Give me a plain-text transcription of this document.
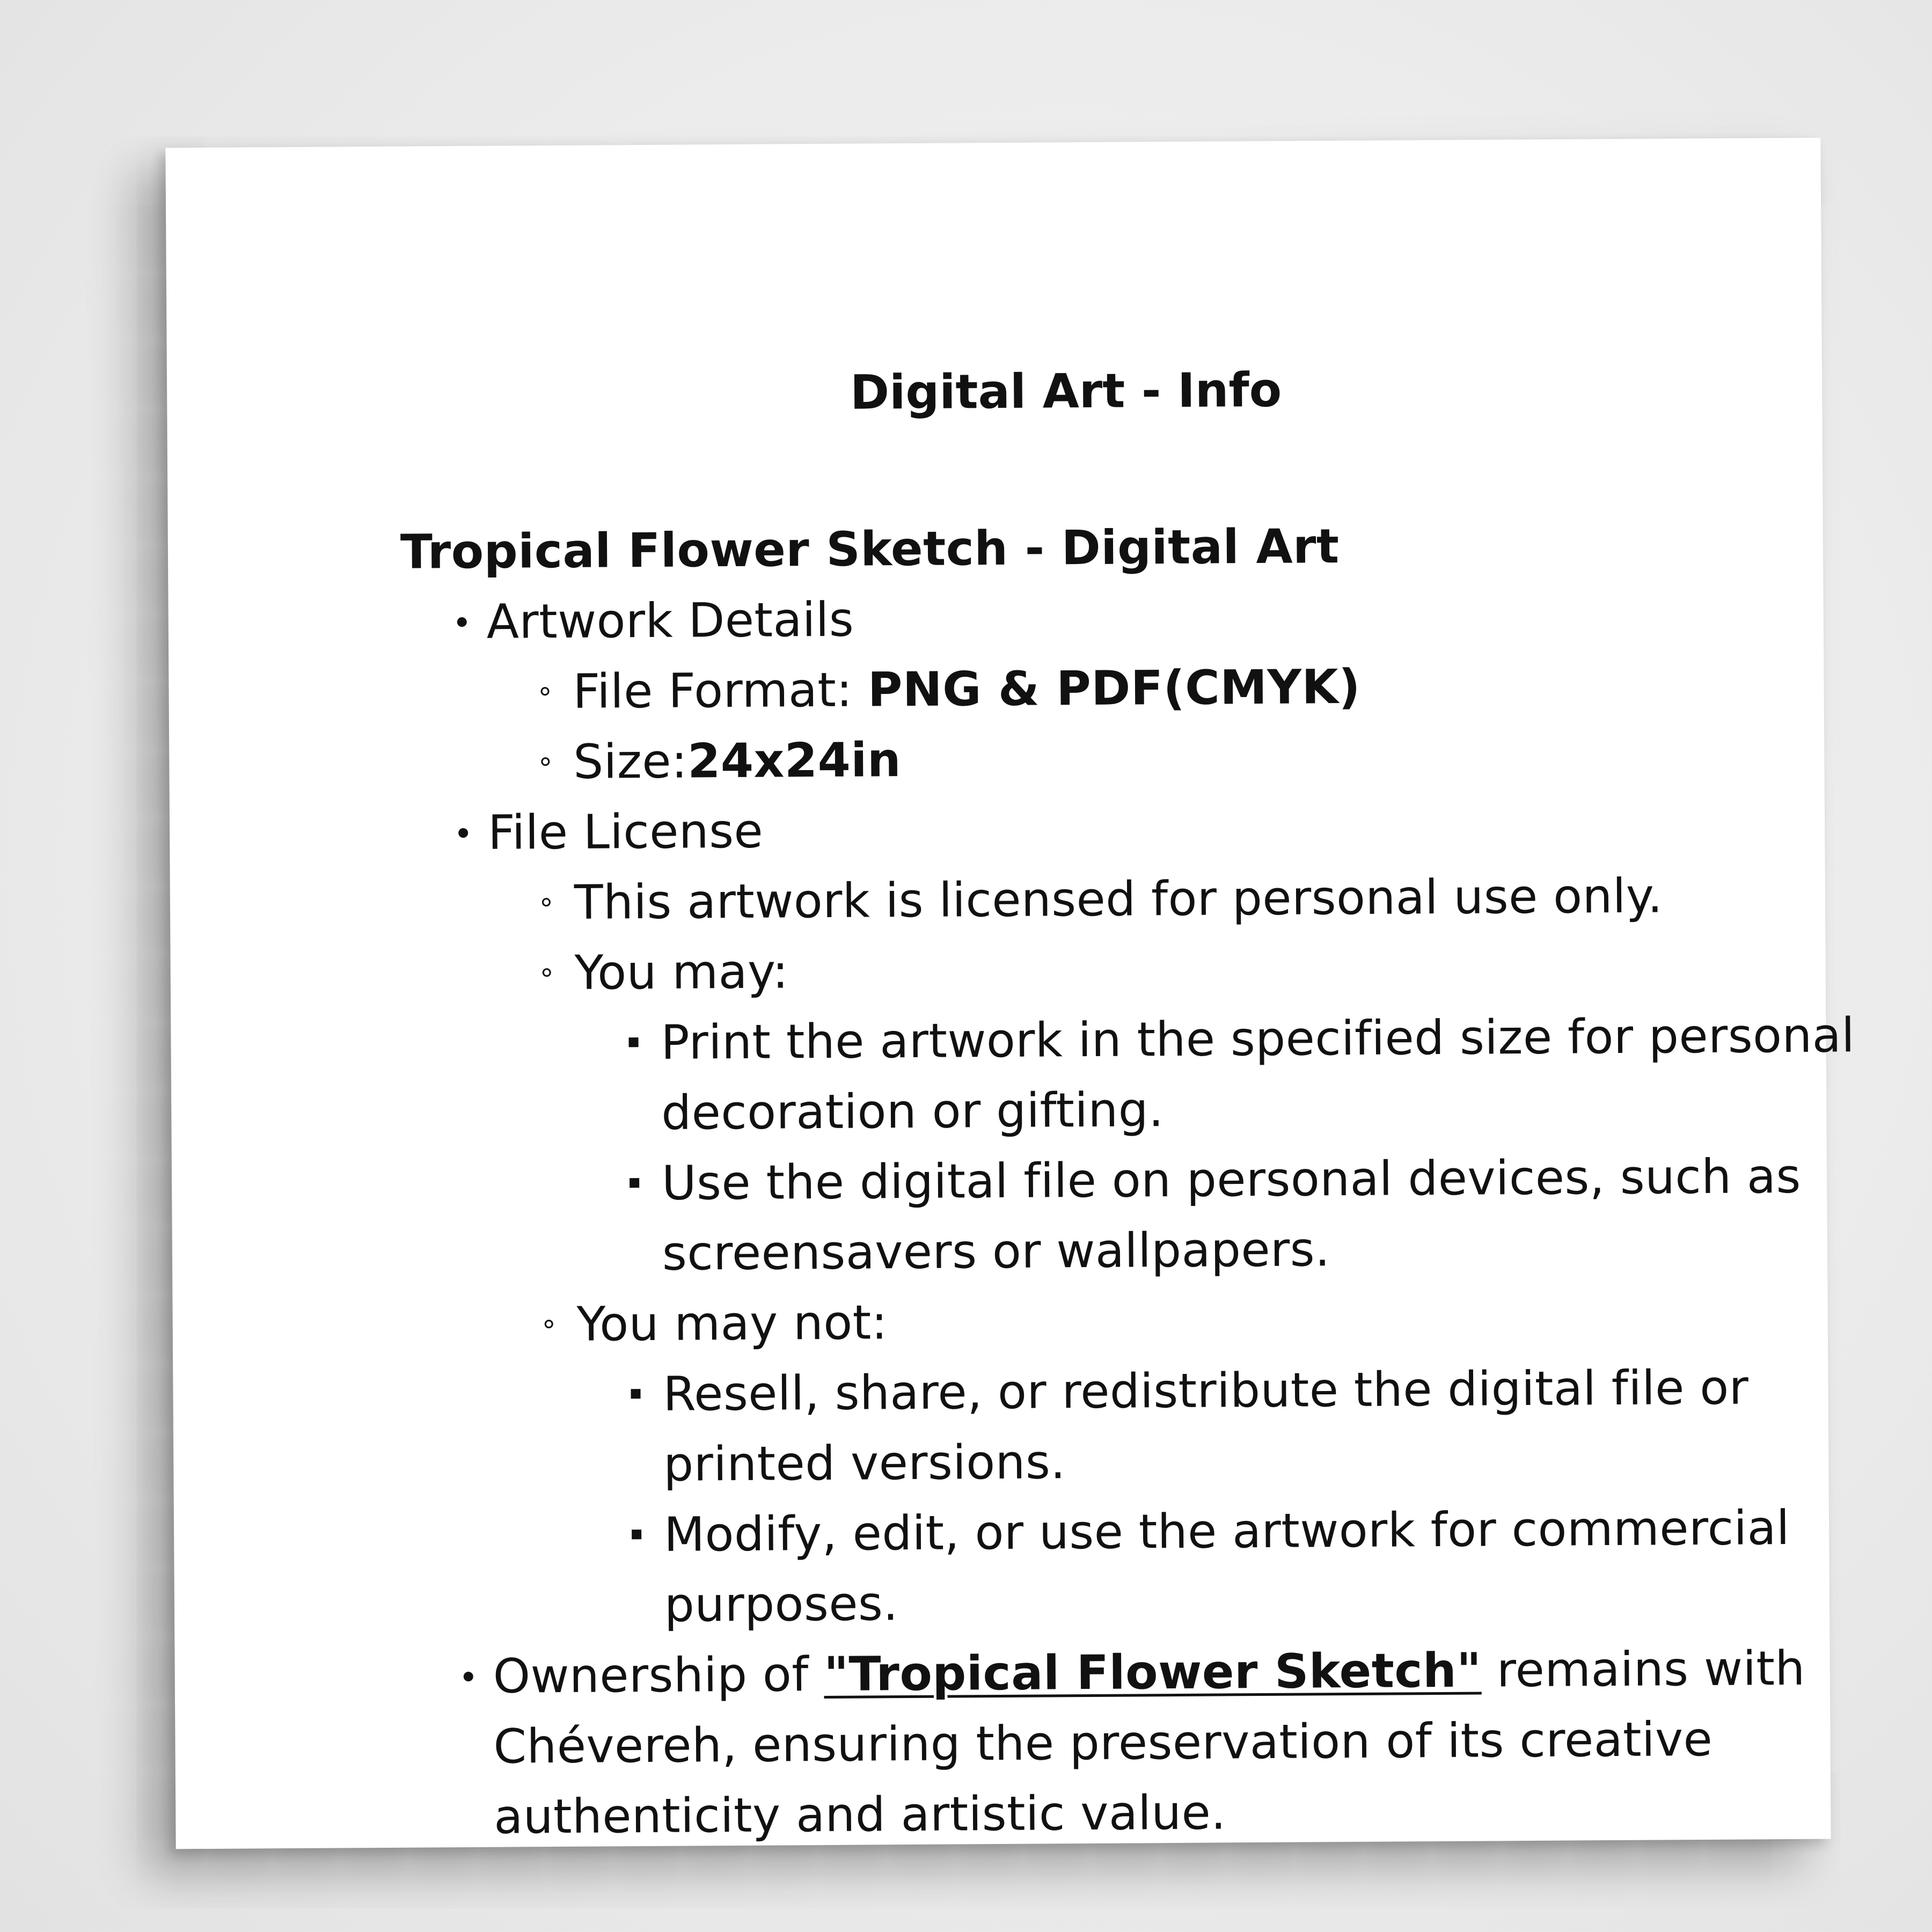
Digital Art - Info
Tropical Flower Sketch - Digital Art
Artwork Details
File Format: PNG & PDF(CMYK)
Size:24x24in
File License
This artwork is licensed for personal use only.
You may:
Print the artwork in the specified size for personal decoration or gifting.
Use the digital file on personal devices, such as screensavers or wallpapers.
You may not:
Resell, share, or redistribute the digital file or printed versions.
Modify, edit, or use the artwork for commercial purposes.
Ownership of "Tropical Flower Sketch" remains with Chévereh, ensuring the preservation of its creative authenticity and artistic value.
